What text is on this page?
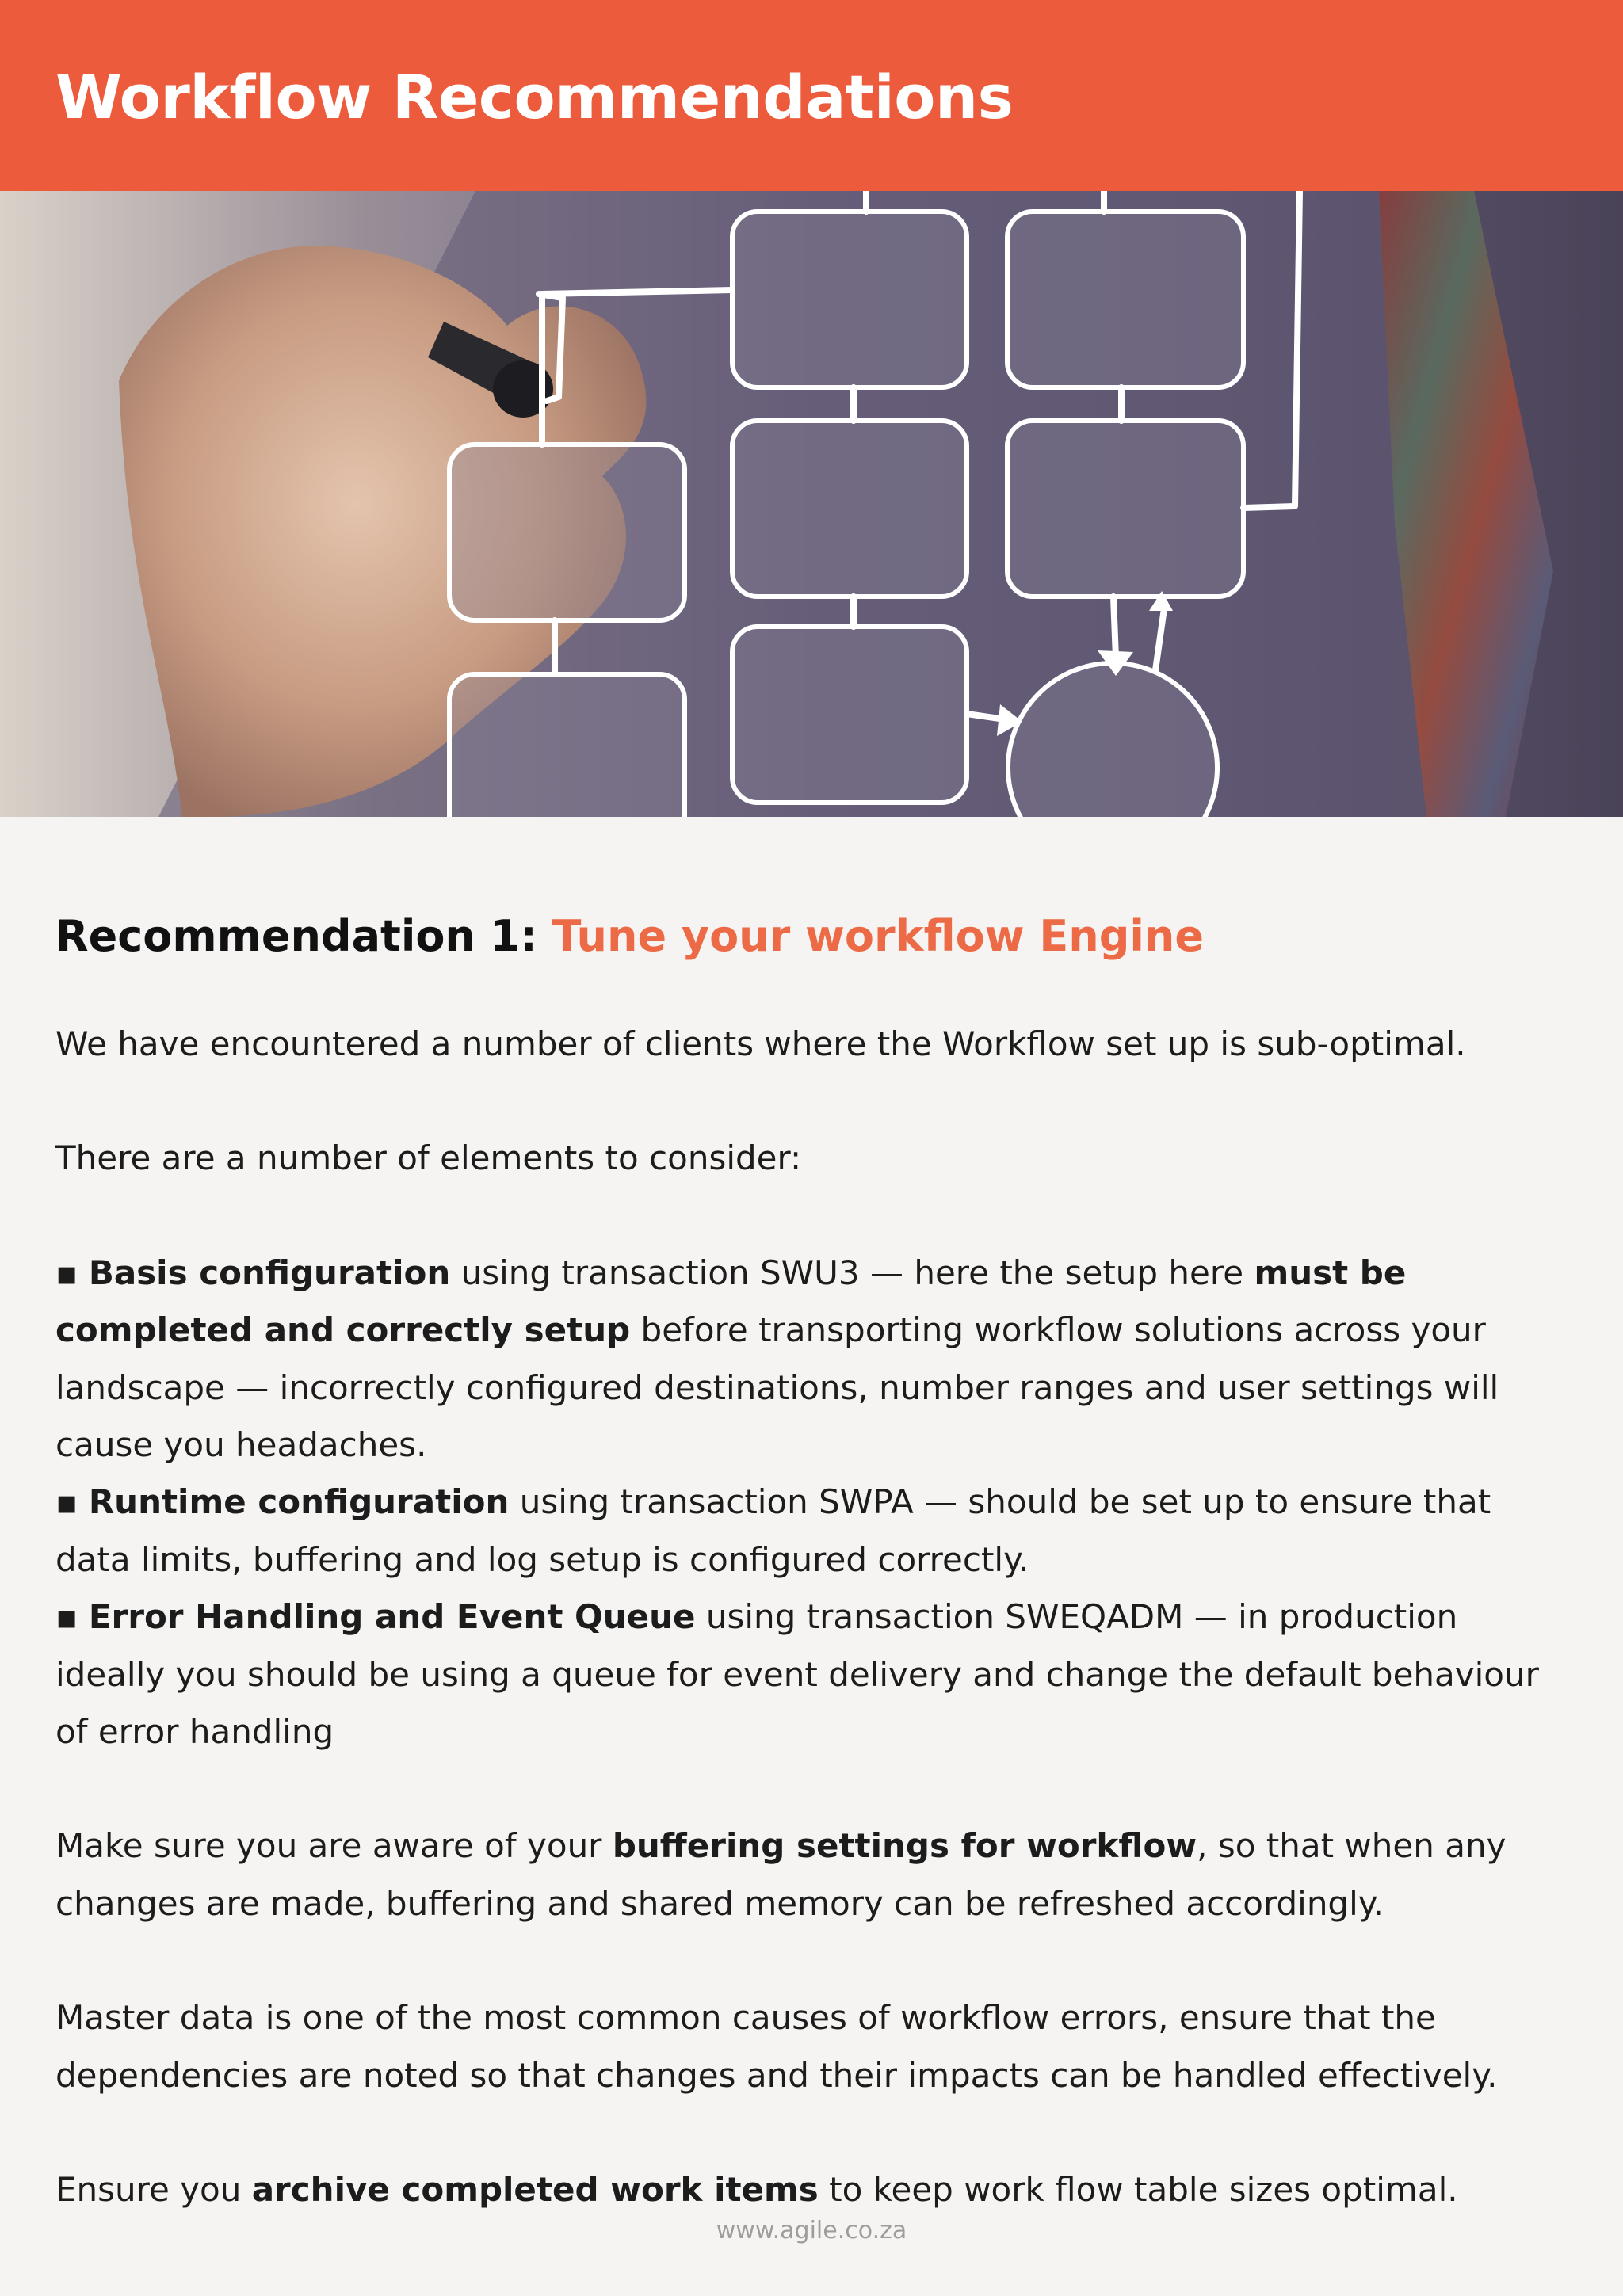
Workflow Recommendations
Recommendation 1: Tune your workflow Engine

We have encountered a number of clients where the Workflow set up is sub-optimal.

There are a number of elements to consider:

▪ Basis configuration using transaction SWU3 — here the setup here must be completed and correctly setup before transporting workflow solutions across your landscape — incorrectly configured destinations, number ranges and user settings will cause you headaches.

▪ Runtime configuration using transaction SWPA — should be set up to ensure that data limits, buffering and log setup is configured correctly.

▪ Error Handling and Event Queue using transaction SWEQADM — in production ideally you should be using a queue for event delivery and change the default behaviour of error handling

Make sure you are aware of your buffering settings for workflow, so that when any changes are made, buffering and shared memory can be refreshed accordingly.

Master data is one of the most common causes of workflow errors, ensure that the dependencies are noted so that changes and their impacts can be handled effectively.

Ensure you archive completed work items to keep work flow table sizes optimal.

www.agile.co.za
